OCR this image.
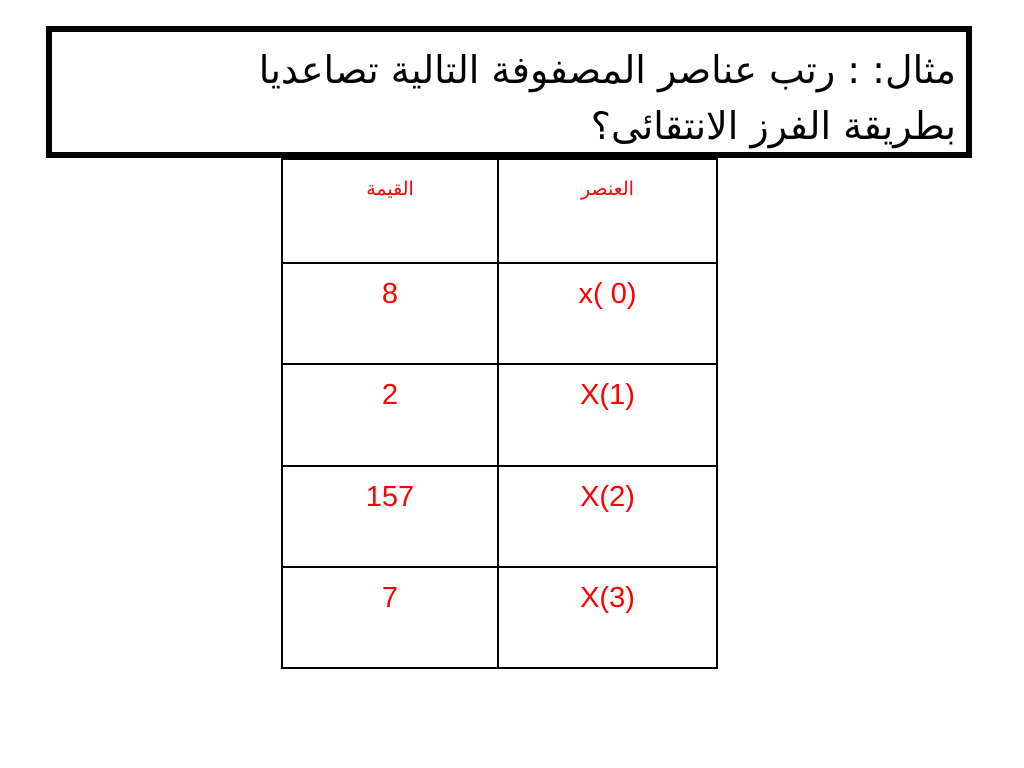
مثال: : رتب عناصر المصفوفة التالية تصاعديا
بطريقة الفرز الانتقائى؟
القيمة	العنصر
8	x( 0)
2	X(1)
157	X(2)
7	X(3)
